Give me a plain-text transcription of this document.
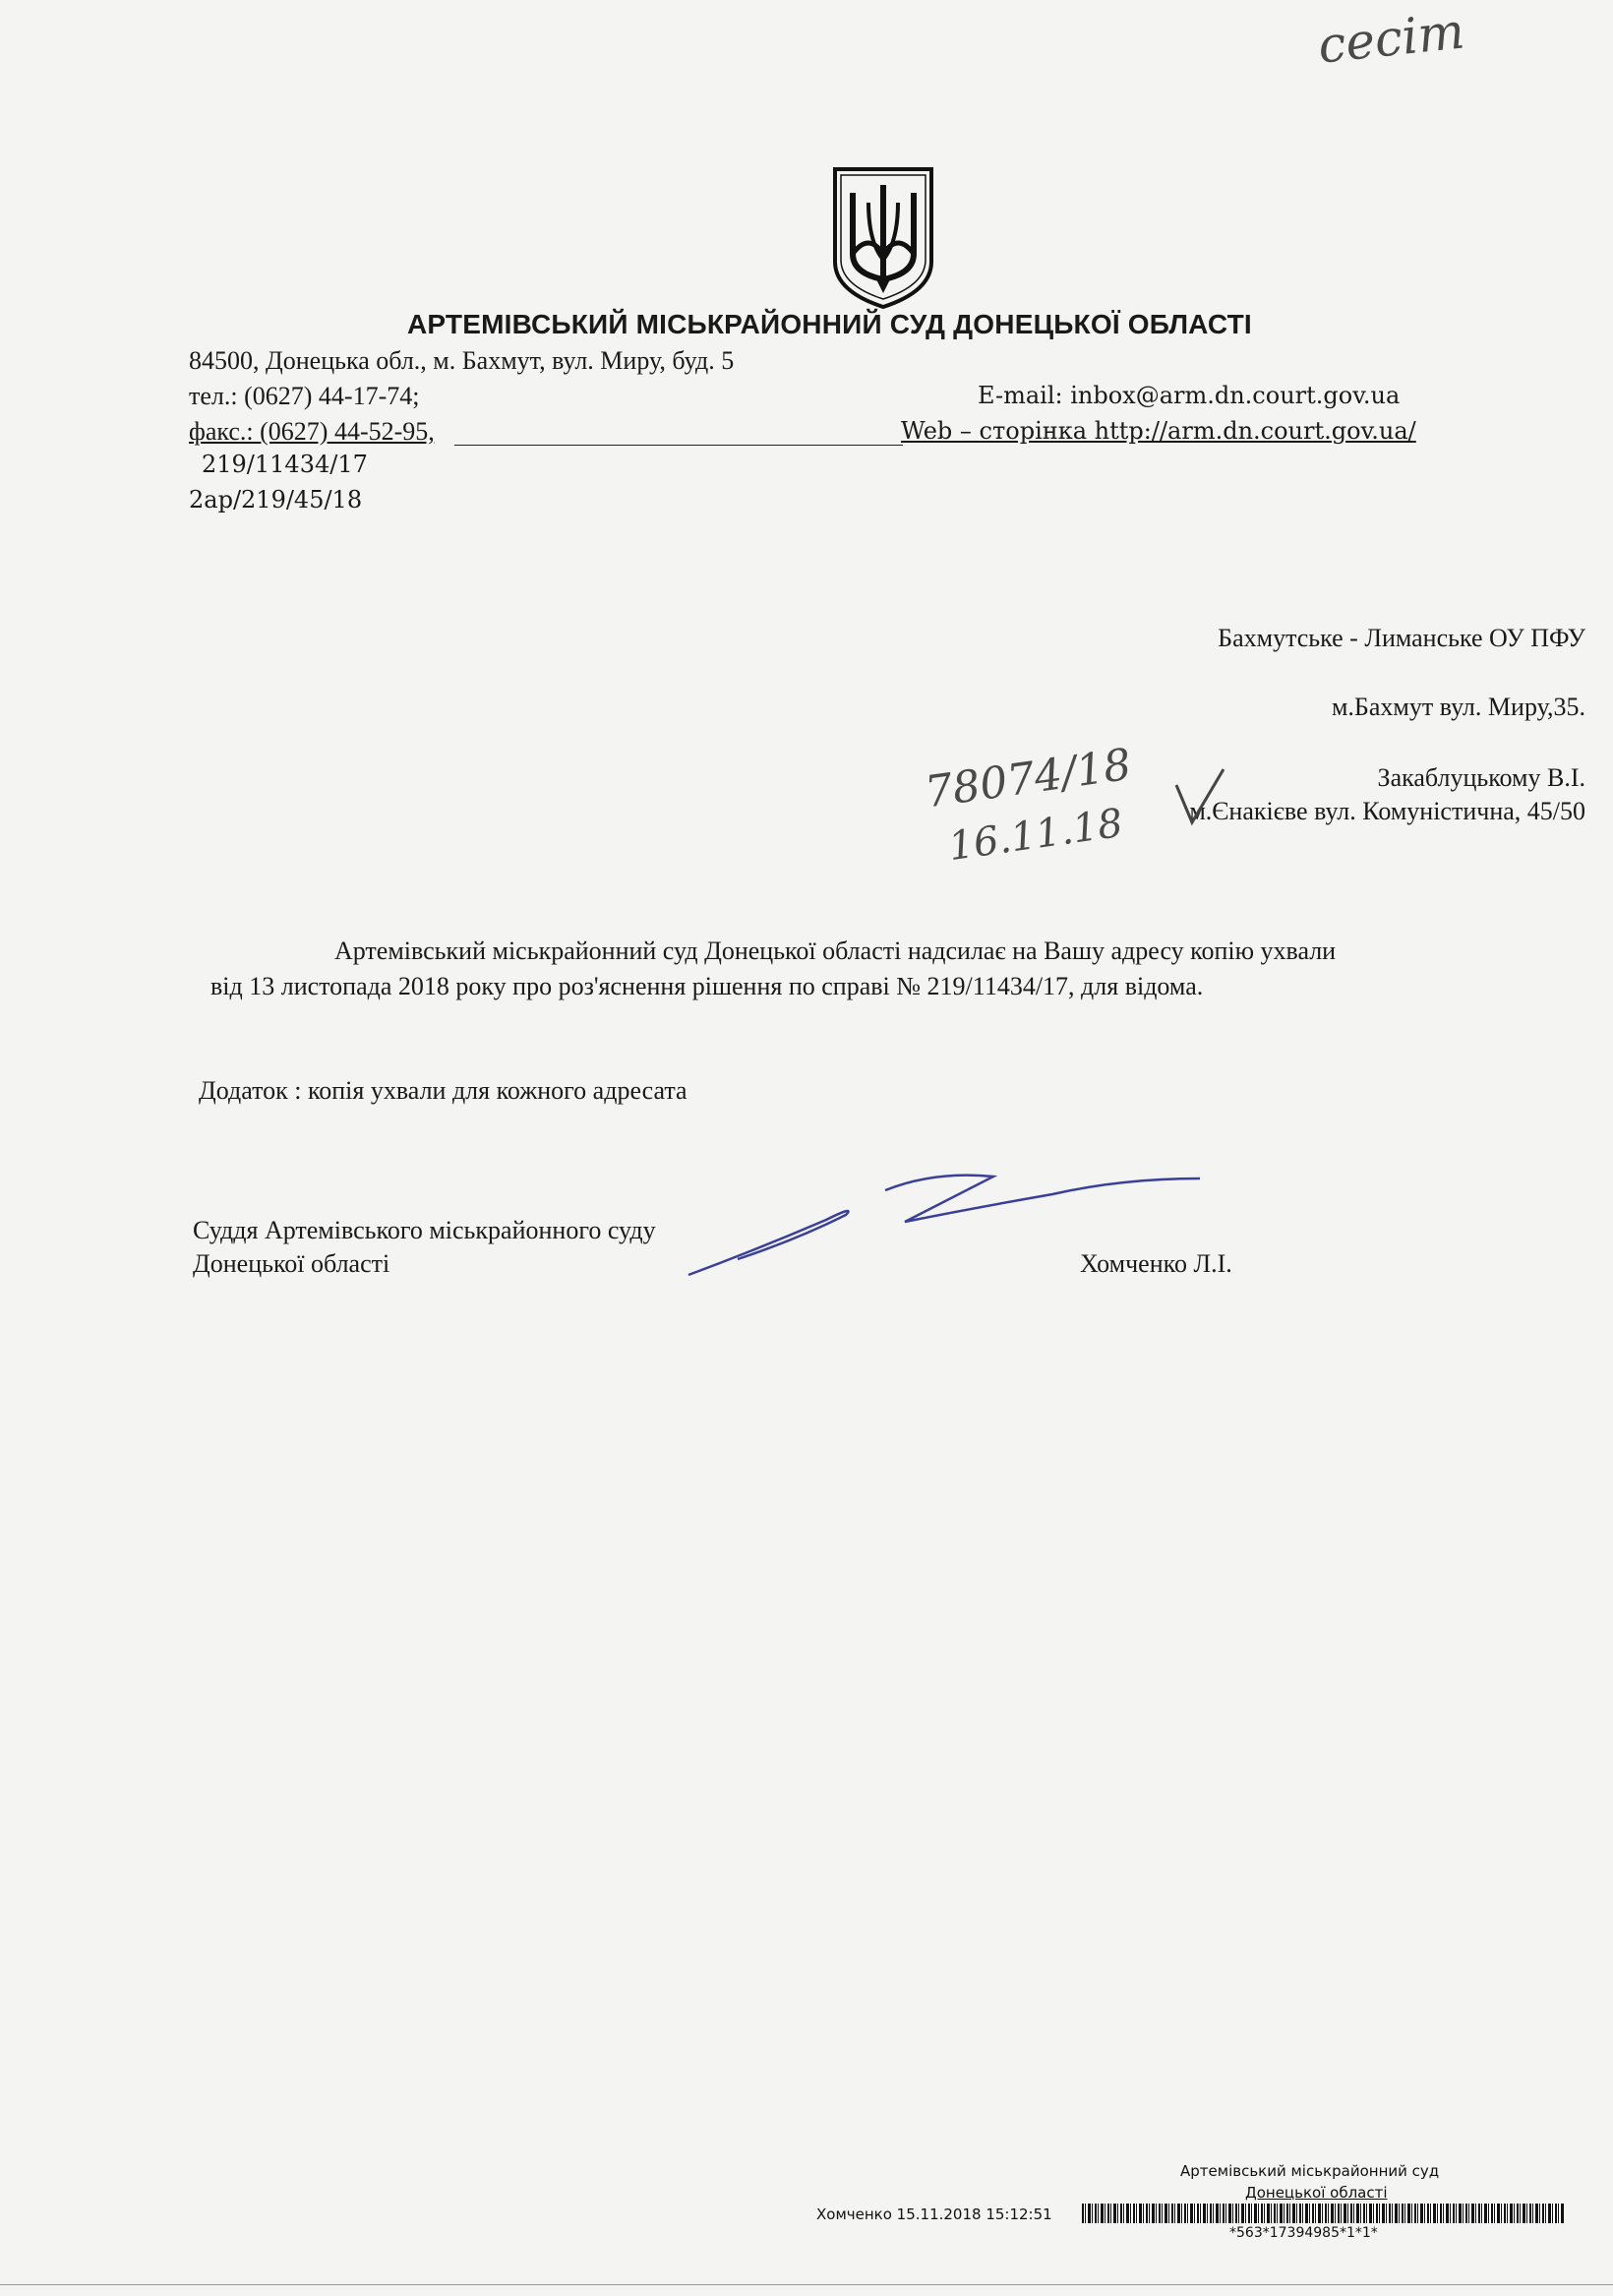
cecim
АРТЕМІВСЬКИЙ МІСЬКРАЙОННИЙ СУД ДОНЕЦЬКОЇ ОБЛАСТІ
84500, Донецька обл., м. Бахмут, вул. Миру, буд. 5
тел.: (0627) 44-17-74;	E-mail: inbox@arm.dn.court.gov.ua
факс.: (0627) 44-52-95,	Web – сторінка http://arm.dn.court.gov.ua/
219/11434/17
2ар/219/45/18
Бахмутське - Лиманське ОУ ПФУ
м.Бахмут вул. Миру,35.
Закаблуцькому В.І.
м.Єнакієве вул. Комуністична, 45/50
78074/18
16.11.18
Артемівський міськрайонний суд Донецької області надсилає на Вашу адресу копію ухвали
від 13 листопада 2018 року про роз'яснення рішення по справі № 219/11434/17, для відома.
Додаток : копія ухвали для кожного адресата
Суддя Артемівського міськрайонного суду
Донецької області	Хомченко Л.І.
Артемівський міськрайонний суд
Донецької області
Хомченко 15.11.2018 15:12:51
*563*17394985*1*1*
